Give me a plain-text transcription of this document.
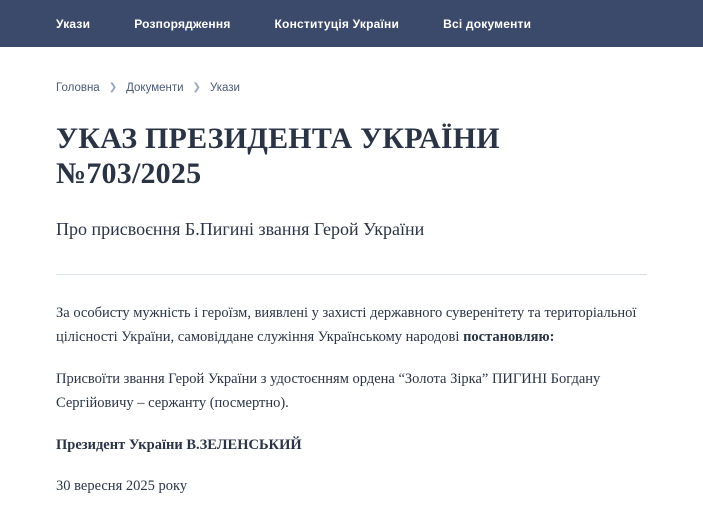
Укази	Розпорядження	Конституція України	Всі документи
Головна ❯ Документи ❯ Укази
УКАЗ ПРЕЗИДЕНТА УКРАЇНИ №703/2025
Про присвоєння Б.Пигині звання Герой України

За особисту мужність і героїзм, виявлені у захисті державного суверенітету та територіальної цілісності України, самовіддане служіння Українському народові постановляю:

Присвоїти звання Герой України з удостоєнням ордена “Золота Зірка” ПИГИНІ Богдану Сергійовичу – сержанту (посмертно).

Президент України В.ЗЕЛЕНСЬКИЙ

30 вересня 2025 року
